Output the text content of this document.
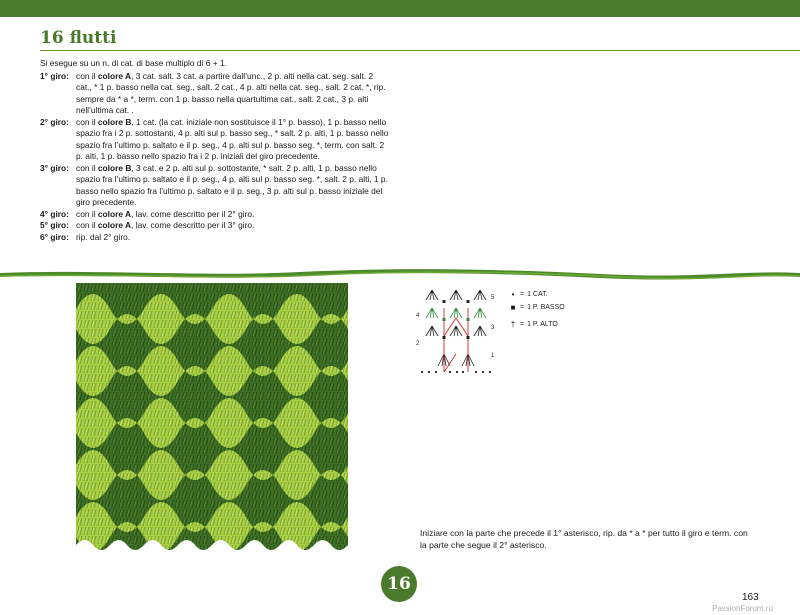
16 flutti

Si esegue su un n. di cat. di base multiplo di 6 + 1.

1° giro: con il colore A, 3 cat. salt. 3 cat. a partire dall’unc., 2 p. alti nella cat. seg. salt. 2 cat., * 1 p. basso nella cat. seg., salt. 2 cat., 4 p. alti nella cat. seg., salt. 2 cat. *, rip. sempre da * a *, term. con 1 p. basso nella quartultima cat., salt. 2 cat., 3 p. alti nell’ultima cat. .
2° giro: con il colore B, 1 cat. (la cat. iniziale non sostituisce il 1° p. basso), 1 p. basso nello spazio fra i 2 p. sottostanti, 4 p. alti sul p. basso seg., * salt. 2 p. alti, 1 p. basso nello spazio fra l’ultimo p. saltato e il p. seg., 4 p. alti sul p. basso seg. *, term. con salt. 2 p. alti, 1 p. basso nello spazio fra i 2 p. iniziali del giro precedente.
3° giro: con il colore B, 3 cat. e 2 p. alti sul p. sottostante, * salt. 2 p. alti, 1 p. basso nello spazio fra l’ultimo p. saltato e il p. seg., 4 p. alti sul p. basso seg. *, salt. 2 p. alti, 1 p. basso nello spazio fra l’ultimo p. saltato e il p. seg., 3 p. alti sul p. basso iniziale del giro precedente.
4° giro: con il colore A, lav. come descritto per il 2° giro.
5° giro: con il colore A, lav. come descritto per il 3° giro.
6° giro: rip. dal 2° giro.
5
4
3
2
1
• = 1 CAT.
■ = 1 P. BASSO
† = 1 P. ALTO

Iniziare con la parte che precede il 1° asterisco, rip. da * a * per tutto il giro e term. con la parte che segue il 2° asterisco.

16
163
PassionForum.ru
